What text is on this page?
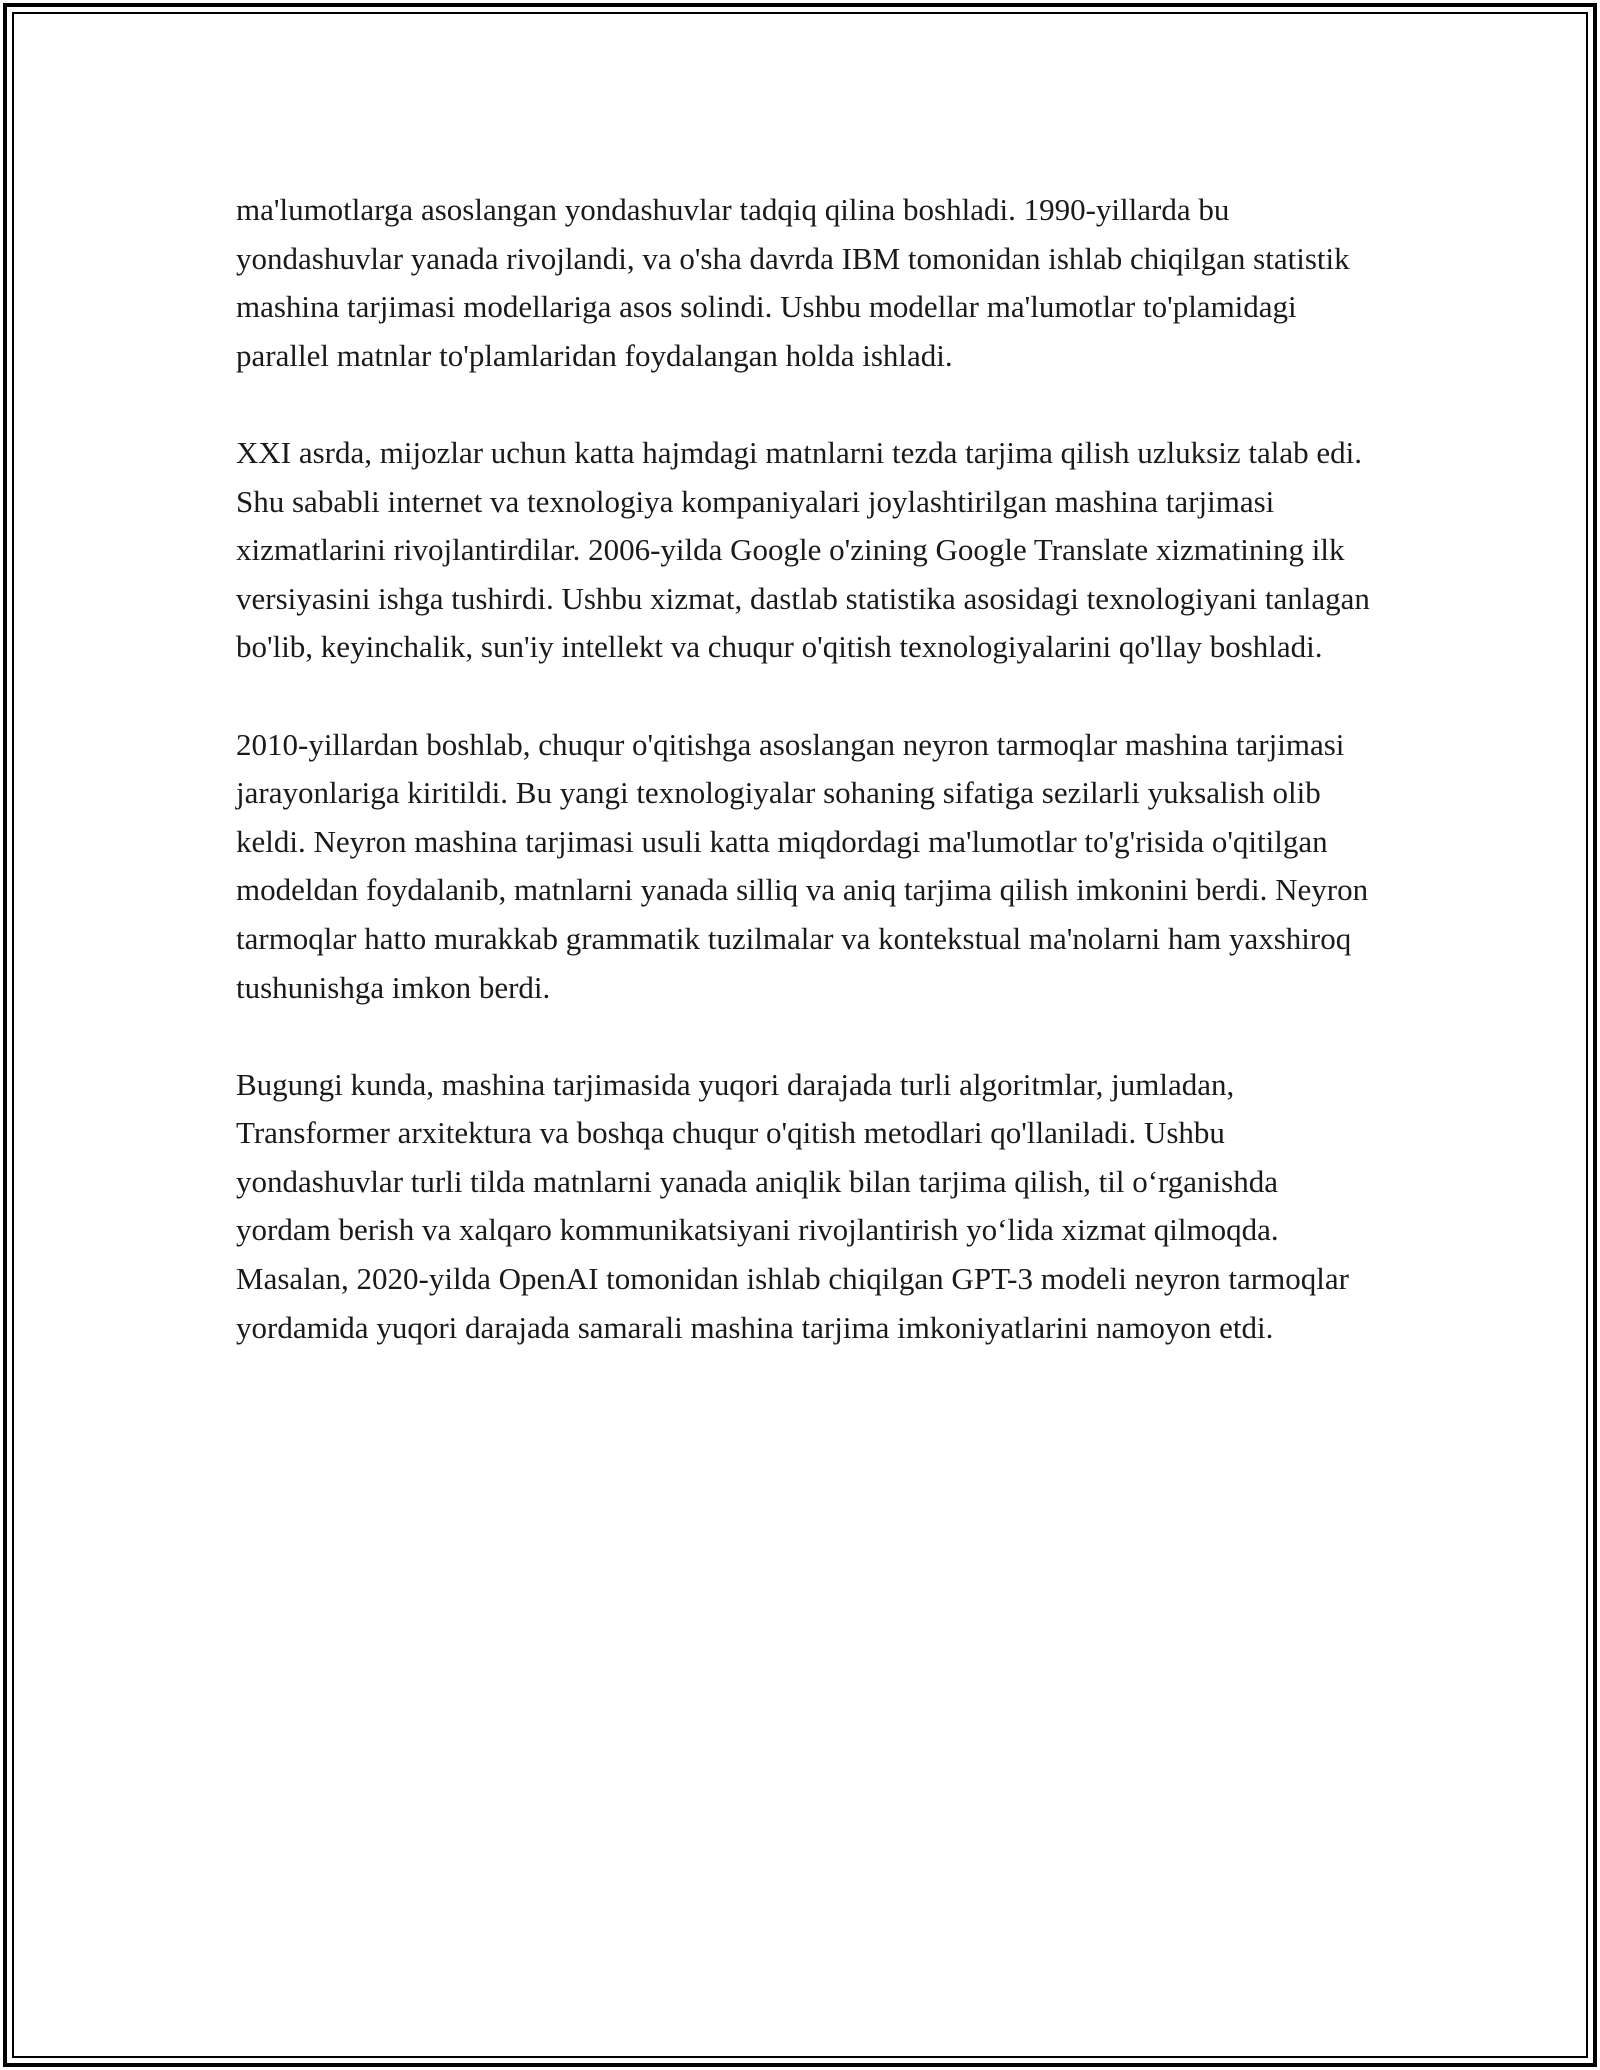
ma'lumotlarga asoslangan yondashuvlar tadqiq qilina boshladi. 1990-yillarda bu yondashuvlar yanada rivojlandi, va o'sha davrda IBM tomonidan ishlab chiqilgan statistik mashina tarjimasi modellariga asos solindi. Ushbu modellar ma'lumotlar to'plamidagi parallel matnlar to'plamlaridan foydalangan holda ishladi.

XXI asrda, mijozlar uchun katta hajmdagi matnlarni tezda tarjima qilish uzluksiz talab edi. Shu sababli internet va texnologiya kompaniyalari joylashtirilgan mashina tarjimasi xizmatlarini rivojlantirdilar. 2006-yilda Google o'zining Google Translate xizmatining ilk versiyasini ishga tushirdi. Ushbu xizmat, dastlab statistika asosidagi texnologiyani tanlagan bo'lib, keyinchalik, sun'iy intellekt va chuqur o'qitish texnologiyalarini qo'llay boshladi.

2010-yillardan boshlab, chuqur o'qitishga asoslangan neyron tarmoqlar mashina tarjimasi jarayonlariga kiritildi. Bu yangi texnologiyalar sohaning sifatiga sezilarli yuksalish olib keldi. Neyron mashina tarjimasi usuli katta miqdordagi ma'lumotlar to'g'risida o'qitilgan modeldan foydalanib, matnlarni yanada silliq va aniq tarjima qilish imkonini berdi. Neyron tarmoqlar hatto murakkab grammatik tuzilmalar va kontekstual ma'nolarni ham yaxshiroq tushunishga imkon berdi.

Bugungi kunda, mashina tarjimasida yuqori darajada turli algoritmlar, jumladan, Transformer arxitektura va boshqa chuqur o'qitish metodlari qo'llaniladi. Ushbu yondashuvlar turli tilda matnlarni yanada aniqlik bilan tarjima qilish, til o‘rganishda yordam berish va xalqaro kommunikatsiyani rivojlantirish yo‘lida xizmat qilmoqda. Masalan, 2020-yilda OpenAI tomonidan ishlab chiqilgan GPT-3 modeli neyron tarmoqlar yordamida yuqori darajada samarali mashina tarjima imkoniyatlarini namoyon etdi.
